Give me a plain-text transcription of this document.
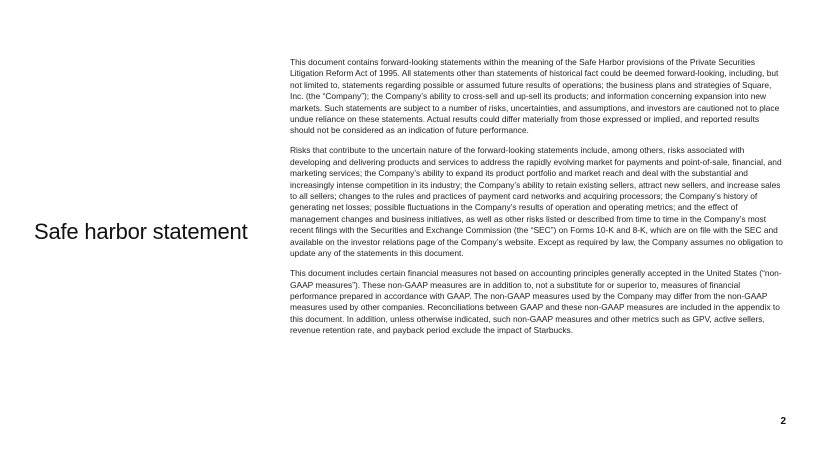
Safe harbor statement

This document contains forward-looking statements within the meaning of the Safe Harbor provisions of the Private Securities Litigation Reform Act of 1995. All statements other than statements of historical fact could be deemed forward-looking, including, but not limited to, statements regarding possible or assumed future results of operations; the business plans and strategies of Square, Inc. (the “Company”); the Company’s ability to cross-sell and up-sell its products; and information concerning expansion into new markets. Such statements are subject to a number of risks, uncertainties, and assumptions, and investors are cautioned not to place undue reliance on these statements. Actual results could differ materially from those expressed or implied, and reported results should not be considered as an indication of future performance.

Risks that contribute to the uncertain nature of the forward-looking statements include, among others, risks associated with developing and delivering products and services to address the rapidly evolving market for payments and point-of-sale, financial, and marketing services; the Company’s ability to expand its product portfolio and market reach and deal with the substantial and increasingly intense competition in its industry; the Company’s ability to retain existing sellers, attract new sellers, and increase sales to all sellers; changes to the rules and practices of payment card networks and acquiring processors; the Company’s history of generating net losses; possible fluctuations in the Company’s results of operation and operating metrics; and the effect of management changes and business initiatives, as well as other risks listed or described from time to time in the Company’s most recent filings with the Securities and Exchange Commission (the “SEC”) on Forms 10-K and 8-K, which are on file with the SEC and available on the investor relations page of the Company’s website. Except as required by law, the Company assumes no obligation to update any of the statements in this document.

This document includes certain financial measures not based on accounting principles generally accepted in the United States (“non-GAAP measures”). These non-GAAP measures are in addition to, not a substitute for or superior to, measures of financial performance prepared in accordance with GAAP. The non-GAAP measures used by the Company may differ from the non-GAAP measures used by other companies. Reconciliations between GAAP and these non-GAAP measures are included in the appendix to this document. In addition, unless otherwise indicated, such non-GAAP measures and other metrics such as GPV, active sellers, revenue retention rate, and payback period exclude the impact of Starbucks.

2
